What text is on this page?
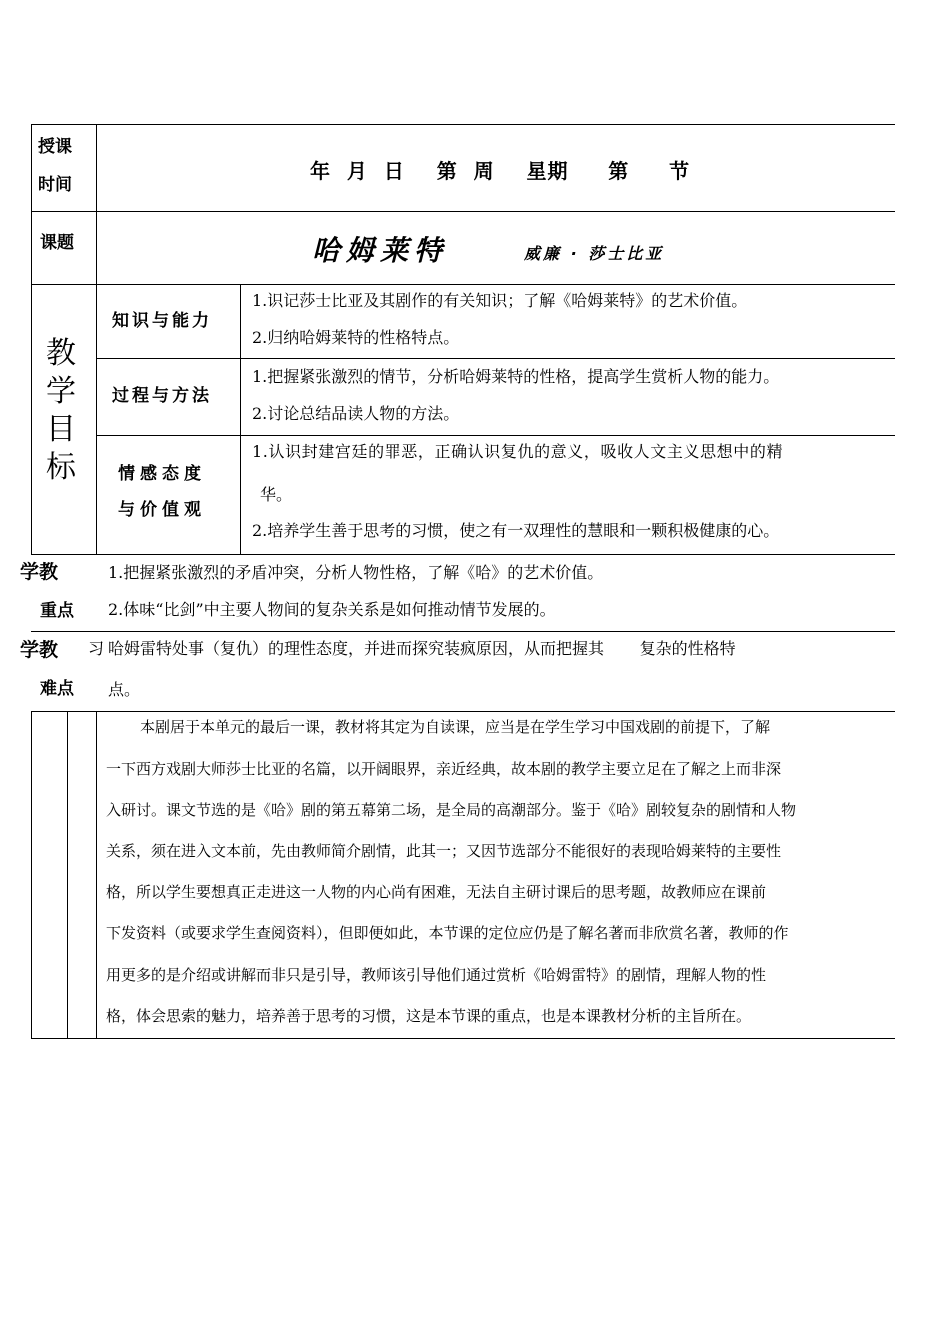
授课
时间
年  月  日    第  周    星期     第     节
课题	哈姆莱特	威廉 · 莎士比亚
教学目标
知识与能力
1.识记莎士比亚及其剧作的有关知识；了解《哈姆莱特》的艺术价值。
2.归纳哈姆莱特的性格特点。
过程与方法
1.把握紧张激烈的情节，分析哈姆莱特的性格，提高学生赏析人物的能力。
2.讨论总结品读人物的方法。
情感态度
与价值观
1.认识封建宫廷的罪恶，正确认识复仇的意义，吸收人文主义思想中的精
华。
2.培养学生善于思考的习惯，使之有一双理性的慧眼和一颗积极健康的心。
学教
重点
1.把握紧张激烈的矛盾冲突，分析人物性格，了解《哈》的艺术价值。
2.体味“比剑”中主要人物间的复杂关系是如何推动情节发展的。
学教
难点
习 哈姆雷特处事（复仇）的理性态度，并进而探究装疯原因，从而把握其       复杂的性格特
点。
本剧居于本单元的最后一课，教材将其定为自读课，应当是在学生学习中国戏剧的前提下，了解
一下西方戏剧大师莎士比亚的名篇，以开阔眼界，亲近经典，故本剧的教学主要立足在了解之上而非深
入研讨。课文节选的是《哈》剧的第五幕第二场，是全局的高潮部分。鉴于《哈》剧较复杂的剧情和人物
关系，须在进入文本前，先由教师简介剧情，此其一；又因节选部分不能很好的表现哈姆莱特的主要性
格，所以学生要想真正走进这一人物的内心尚有困难，无法自主研讨课后的思考题，故教师应在课前
下发资料（或要求学生查阅资料），但即便如此，本节课的定位应仍是了解名著而非欣赏名著，教师的作
用更多的是介绍或讲解而非只是引导，教师该引导他们通过赏析《哈姆雷特》的剧情，理解人物的性
格，体会思索的魅力，培养善于思考的习惯，这是本节课的重点，也是本课教材分析的主旨所在。
